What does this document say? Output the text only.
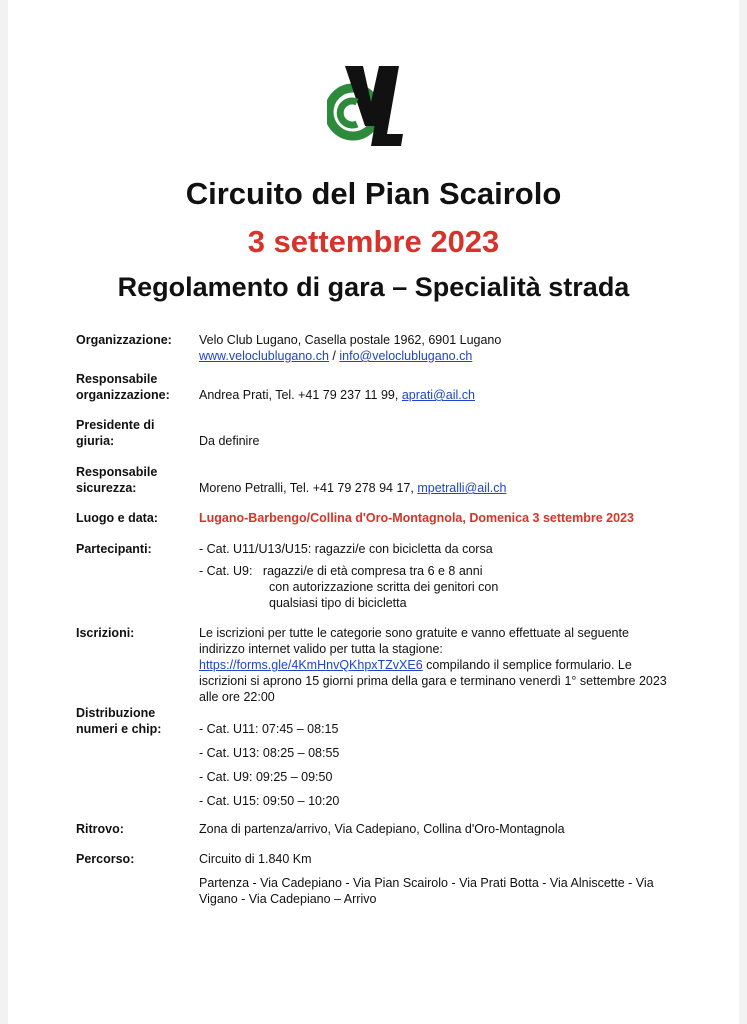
Circuito del Pian Scairolo
3 settembre 2023
Regolamento di gara – Specialità strada
Organizzazione:	Velo Club Lugano, Casella postale 1962, 6901 Lugano
www.veloclublugano.ch / info@veloclublugano.ch
Responsabile organizzazione:	Andrea Prati, Tel. +41 79 237 11 99, aprati@ail.ch
Presidente di giuria:	Da definire
Responsabile sicurezza:	Moreno Petralli, Tel. +41 79 278 94 17, mpetralli@ail.ch
Luogo e data:	Lugano-Barbengo/Collina d'Oro-Montagnola, Domenica 3 settembre 2023
Partecipanti:	- Cat. U11/U13/U15: ragazzi/e con bicicletta da corsa
- Cat. U9:   ragazzi/e di età compresa tra 6 e 8 anni
con autorizzazione scritta dei genitori con
qualsiasi tipo di bicicletta
Iscrizioni:	Le iscrizioni per tutte le categorie sono gratuite e vanno effettuate al seguente indirizzo internet valido per tutta la stagione: https://forms.gle/4KmHnvQKhpxTZvXE6 compilando il semplice formulario. Le iscrizioni si aprono 15 giorni prima della gara e terminano venerdì 1° settembre 2023 alle ore 22:00
Distribuzione numeri e chip:	- Cat. U11: 07:45 – 08:15
- Cat. U13: 08:25 – 08:55
- Cat. U9: 09:25 – 09:50
- Cat. U15: 09:50 – 10:20
Ritrovo:	Zona di partenza/arrivo, Via Cadepiano, Collina d'Oro-Montagnola
Percorso:	Circuito di 1.840 Km
Partenza - Via Cadepiano - Via Pian Scairolo - Via Prati Botta - Via Alniscette - Via Vigano - Via Cadepiano – Arrivo
